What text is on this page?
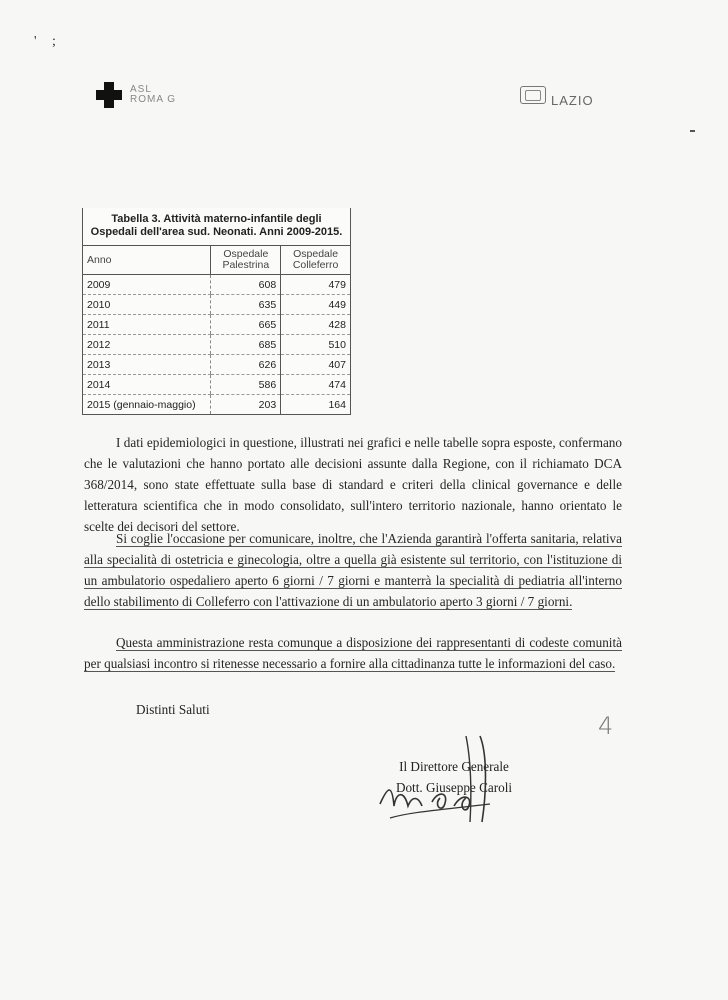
' ;
ASL
ROMA G
	LAZIO
Tabella 3. Attività materno-infantile degli Ospedali dell'area sud. Neonati. Anni 2009-2015.		
Anno	Ospedale Palestrina	Ospedale Colleferro
2009	608	479
2010	635	449
2011	665	428
2012	685	510
2013	626	407
2014	586	474
2015 (gennaio-maggio)	203	164
I dati epidemiologici in questione, illustrati nei grafici e nelle tabelle sopra esposte, confermano che le valutazioni che hanno portato alle decisioni assunte dalla Regione, con il richiamato DCA 368/2014, sono state effettuate sulla base di standard e criteri della clinical governance e delle letteratura scientifica che in modo consolidato, sull'intero territorio nazionale, hanno orientato le scelte dei decisori del settore.
Si coglie l'occasione per comunicare, inoltre, che l'Azienda garantirà l'offerta sanitaria, relativa alla specialità di ostetricia e ginecologia, oltre a quella già esistente sul territorio, con l'istituzione di un ambulatorio ospedaliero aperto 6 giorni / 7 giorni e manterrà la specialità di pediatria all'interno dello stabilimento di Colleferro con l'attivazione di un ambulatorio aperto 3 giorni / 7 giorni.
Questa amministrazione resta comunque a disposizione dei rappresentanti di codeste comunità per qualsiasi incontro si ritenesse necessario a fornire alla cittadinanza tutte le informazioni del caso.
Distinti Saluti
4
Il Direttore Generale
Dott. Giuseppe Caroli
